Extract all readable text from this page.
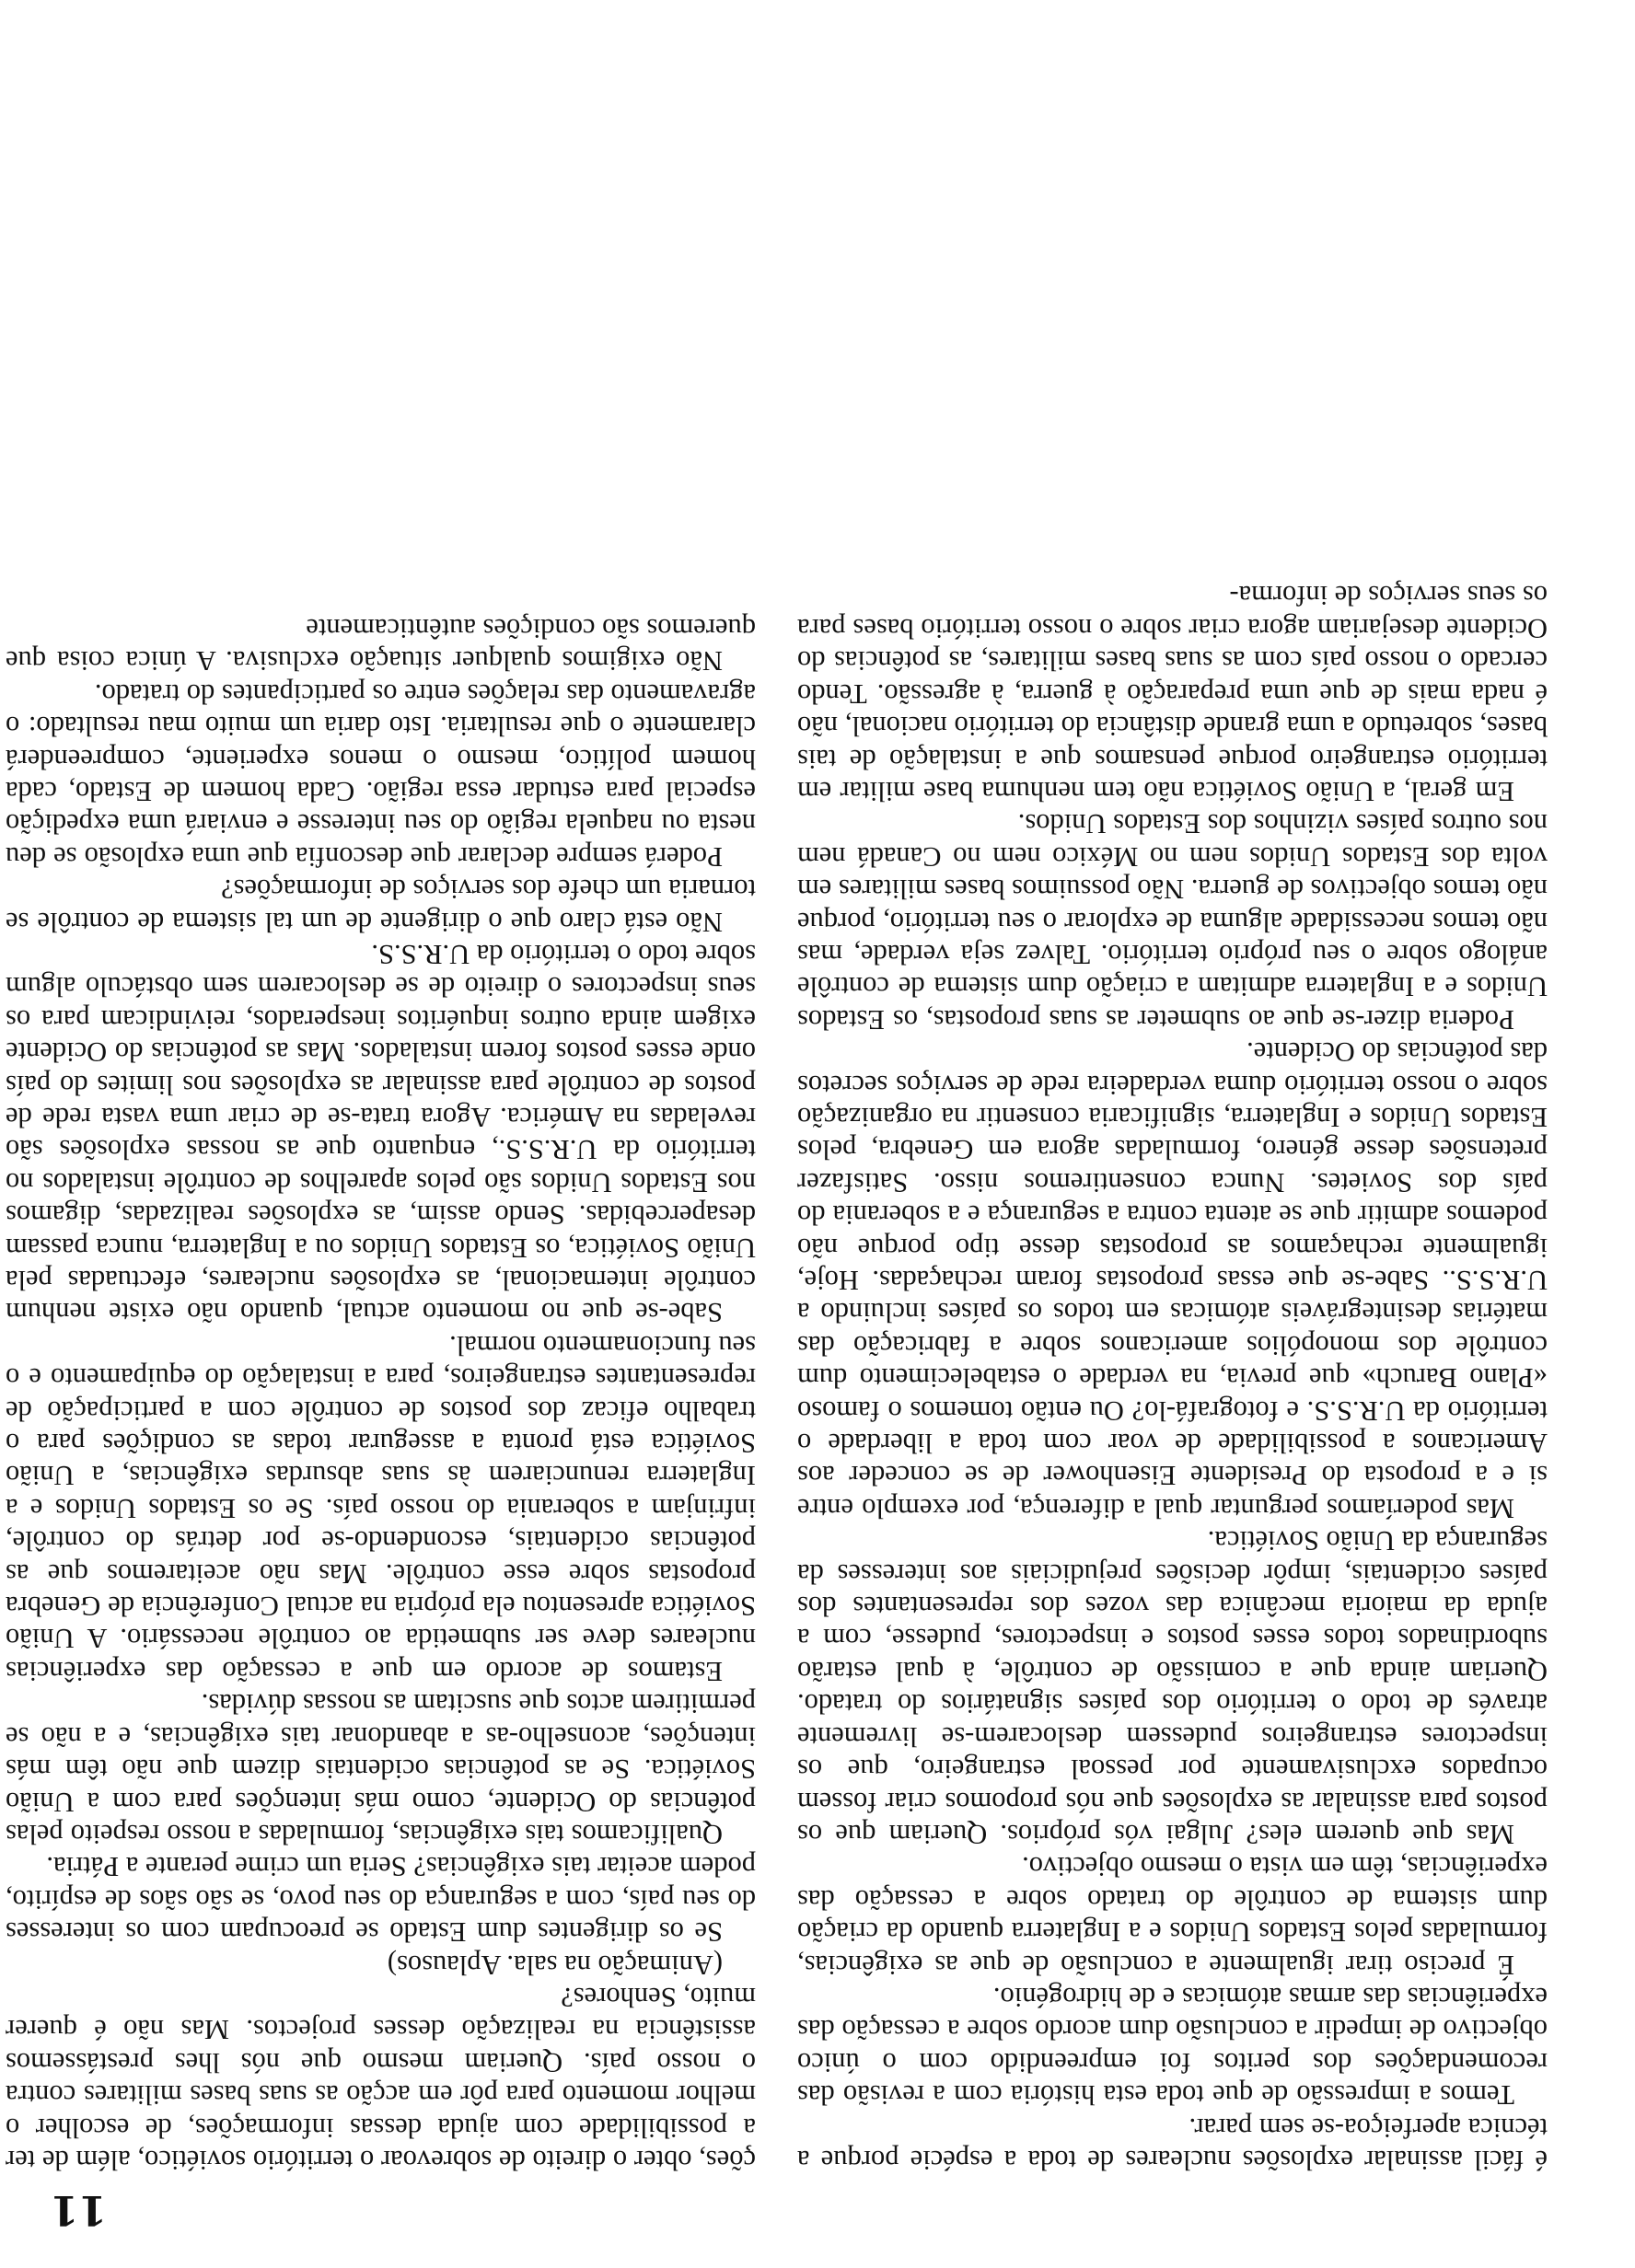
11

é fácil assinalar explosões nucleares de toda a espécie porque a técnica aperfeiçoa-se sem parar.

Temos a impressão de que toda esta história com a revisão das recomendações dos peritos foi empreendido com o único objectivo de impedir a conclusão dum acordo sobre a cessação das experiências das armas atómicas e de hidrogénio.

É preciso tirar igualmente a conclusão de que as exigências, formuladas pelos Estados Unidos e a Inglaterra quando da criação dum sistema de contrôle do tratado sobre a cessação das experiências, têm em vista o mesmo objectivo.

Mas que querem eles? Julgai vós próprios. Queriam que os postos para assinalar as explosões que nós propomos criar fossem ocupados exclusivamente por pessoal estrangeiro, que os inspectores estrangeiros pudessem deslocarem-se livremente através de todo o território dos países signatários do tratado. Queriam ainda que a comissão de contrôle, à qual estarão subordinados todos esses postos e inspectores, pudesse, com a ajuda da maioria mecânica das vozes dos representantes dos países ocidentais, impôr decisões prejudiciais aos interesses da segurança da União Soviética.

Mas poderíamos perguntar qual a diferença, por exemplo entre si e a proposta do Presidente Eisenhower de se conceder aos Americanos a possibilidade de voar com toda a liberdade o território da U.R.S.S. e fotografá-lo? Ou então tomemos o famoso «Plano Baruch» que previa, na verdade o estabelecimento dum contrôle dos monopólios americanos sobre a fabricação das matérias desintegráveis atómicas em todos os países incluindo a U.R.S.S.. Sabe-se que essas propostas foram rechaçadas. Hoje, igualmente rechaçamos as propostas desse tipo porque não podemos admitir que se atenta contra a segurança e a soberania do país dos Sovietes. Nunca consentiremos nisso. Satisfazer pretensões desse género, formuladas agora em Genebra, pelos Estados Unidos e Inglaterra, significaria consentir na organização sobre o nosso território duma verdadeira rede de serviços secretos das potências do Ocidente.

Poderia dizer-se que ao submeter as suas propostas, os Estados Unidos e a Inglaterra admitam a criação dum sistema de contrôle análogo sobre o seu próprio território. Talvez seja verdade, mas não temos necessidade alguma de explorar o seu território, porque não temos objectivos de guerra. Não possuimos bases militares em volta dos Estados Unidos nem no México nem no Canadá nem nos outros países vizinhos dos Estados Unidos.

Em geral, a União Soviética não tem nenhuma base militar em território estrangeiro porque pensamos que a instalação de tais bases, sobretudo a uma grande distância do território nacional, não é nada mais de que uma preparação à guerra, à agressão. Tendo cercado o nosso país com as suas bases militares, as potências do Ocidente desejariam agora criar sobre o nosso território bases para os seus serviços de informa-

ções, obter o direito de sobrevoar o território soviético, além de ter a possibilidade com ajuda dessas informações, de escolher o melhor momento para pôr em acção as suas bases militares contra o nosso país. Queriam mesmo que nós lhes prestássemos assistência na realização desses projectos. Mas não é querer muito, Senhores?

(Animação na sala. Aplausos)

Se os dirigentes dum Estado se preocupam com os interesses do seu país, com a segurança do seu povo, se são sãos de espírito, podem aceitar tais exigências? Seria um crime perante a Pátria.

Qualificamos tais exigências, formuladas a nosso respeito pelas potências do Ocidente, como más intenções para com a União Soviética. Se as potências ocidentais dizem que não têm más intenções, aconselho-as a abandonar tais exigências, e a não se permitirem actos que suscitam as nossas dúvidas.

Estamos de acordo em que a cessação das experiências nucleares deve ser submetida ao contrôle necessário. A União Soviética apresentou ela própria na actual Conferência de Genebra propostas sobre esse contrôle. Mas não aceitaremos que as potências ocidentais, escondendo-se por detrás do contrôle, infrinjam a soberania do nosso país. Se os Estados Unidos e a Inglaterra renunciarem às suas absurdas exigências, a União Soviética está pronta a assegurar todas as condições para o trabalho eficaz dos postos de contrôle com a participação de representantes estrangeiros, para a instalação do equipamento e o seu funcionamento normal.

Sabe-se que no momento actual, quando não existe nenhum contrôle internacional, as explosões nucleares, efectuadas pela União Soviética, os Estados Unidos ou a Inglaterra, nunca passam desapercebidas. Sendo assim, as explosões realizadas, digamos nos Estados Unidos são pelos aparelhos de contrôle instalados no território da U.R.S.S., enquanto que as nossas explosões são reveladas na América. Agora trata-se de criar uma vasta rede de postos de contrôle para assinalar as explosões nos limites do país onde esses postos forem instalados. Mas as potências do Ocidente exigem ainda outros inquéritos inesperados, reivindicam para os seus inspectores o direito de se deslocarem sem obstáculo algum sobre todo o território da U.R.S.S.

Não está claro que o dirigente de um tal sistema de contrôle se tornaria um chefe dos serviços de informações?

Poderá sempre declarar que desconfia que uma explosão se deu nesta ou naquela região do seu interesse e enviará uma expedição especial para estudar essa região. Cada homem de Estado, cada homem político, mesmo o menos experiente, compreenderá claramente o que resultaria. Isto daria um muito mau resultado: o agravamento das relações entre os participantes do tratado.

Não exigimos qualquer situação exclusiva. A única coisa que queremos são condições autênticamente
